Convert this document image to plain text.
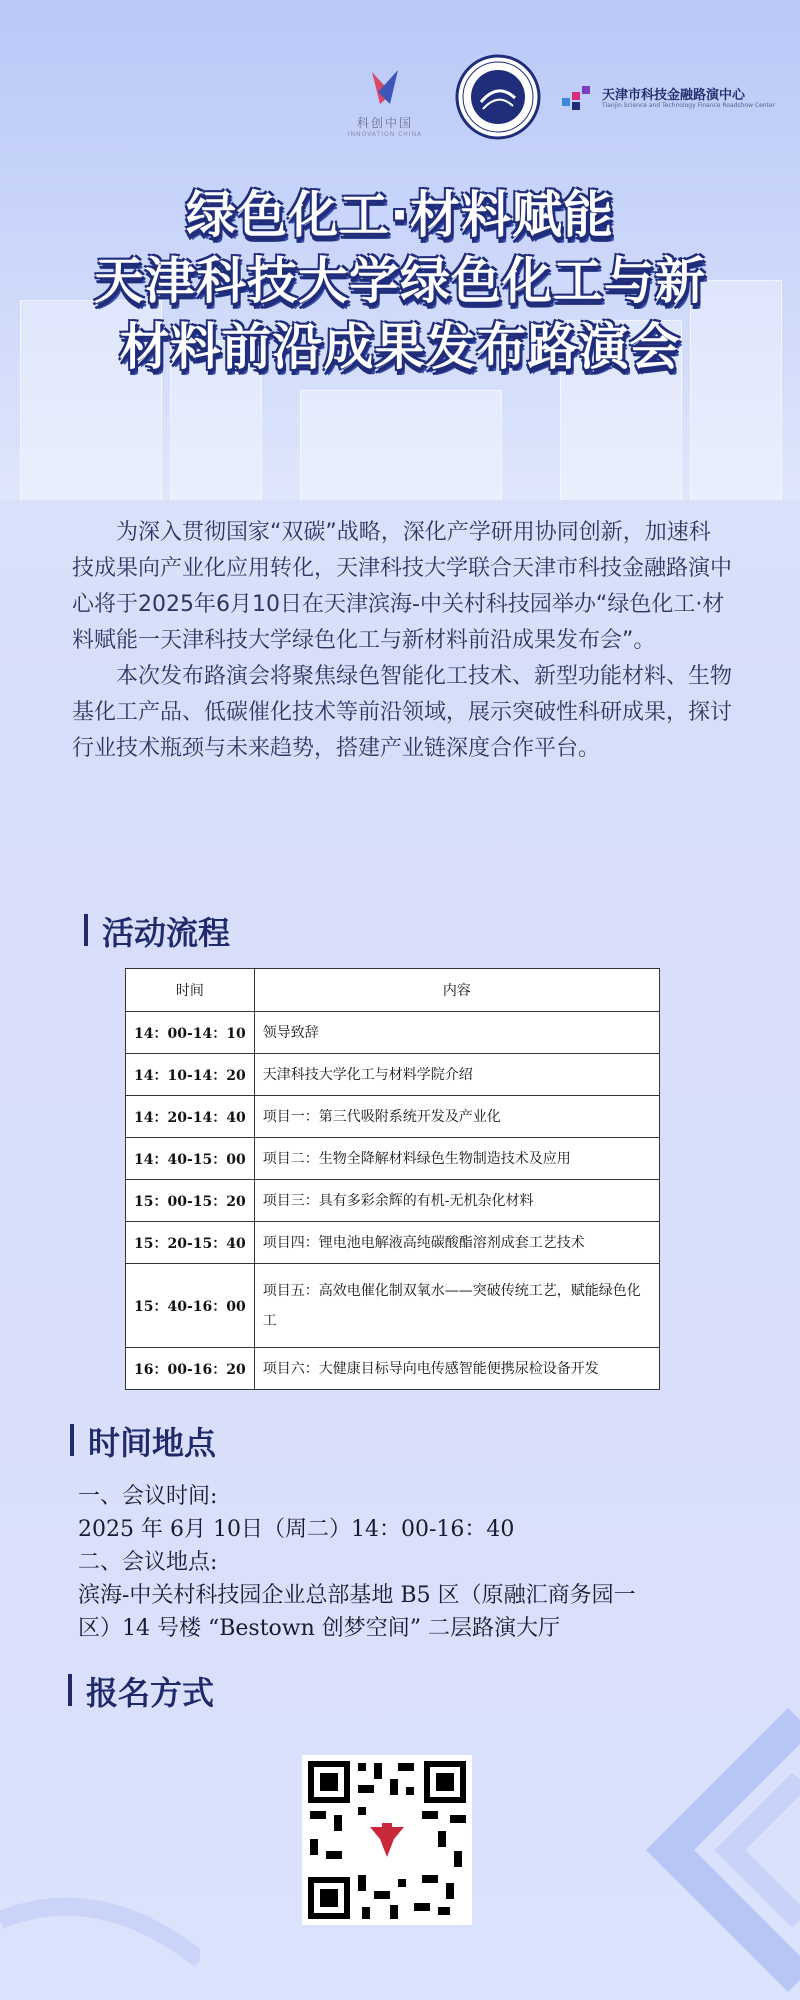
科创中国
INNOVATION CHINA
天津市科技金融路演中心
Tianjin Science and Technology Finance Roadshow Center
绿色化工·材料赋能
天津科技大学绿色化工与新
材料前沿成果发布路演会

为深入贯彻国家“双碳”战略，深化产学研用协同创新，加速科技成果向产业化应用转化，天津科技大学联合天津市科技金融路演中心将于2025年6月10日在天津滨海-中关村科技园举办“绿色化工·材料赋能一天津科技大学绿色化工与新材料前沿成果发布会”。

本次发布路演会将聚焦绿色智能化工技术、新型功能材料、生物基化工产品、低碳催化技术等前沿领域，展示突破性科研成果，探讨行业技术瓶颈与未来趋势，搭建产业链深度合作平台。

活动流程
时间	内容
14：00-14：10	领导致辞
14：10-14：20	天津科技大学化工与材料学院介绍
14：20-14：40	项目一：第三代吸附系统开发及产业化
14：40-15：00	项目二：生物全降解材料绿色生物制造技术及应用
15：00-15：20	项目三：具有多彩余辉的有机-无机杂化材料
15：20-15：40	项目四：锂电池电解液高纯碳酸酯溶剂成套工艺技术
15：40-16：00	项目五：高效电催化制双氧水——突破传统工艺，赋能绿色化工
16：00-16：20	项目六：大健康目标导向电传感智能便携尿检设备开发
时间地点
一、会议时间:
2025 年 6月 10日（周二）14：00-16：40
二、会议地点:
滨海-中关村科技园企业总部基地 B5 区（原融汇商务园一
区）14 号楼 “Bestown 创梦空间” 二层路演大厅
报名方式
